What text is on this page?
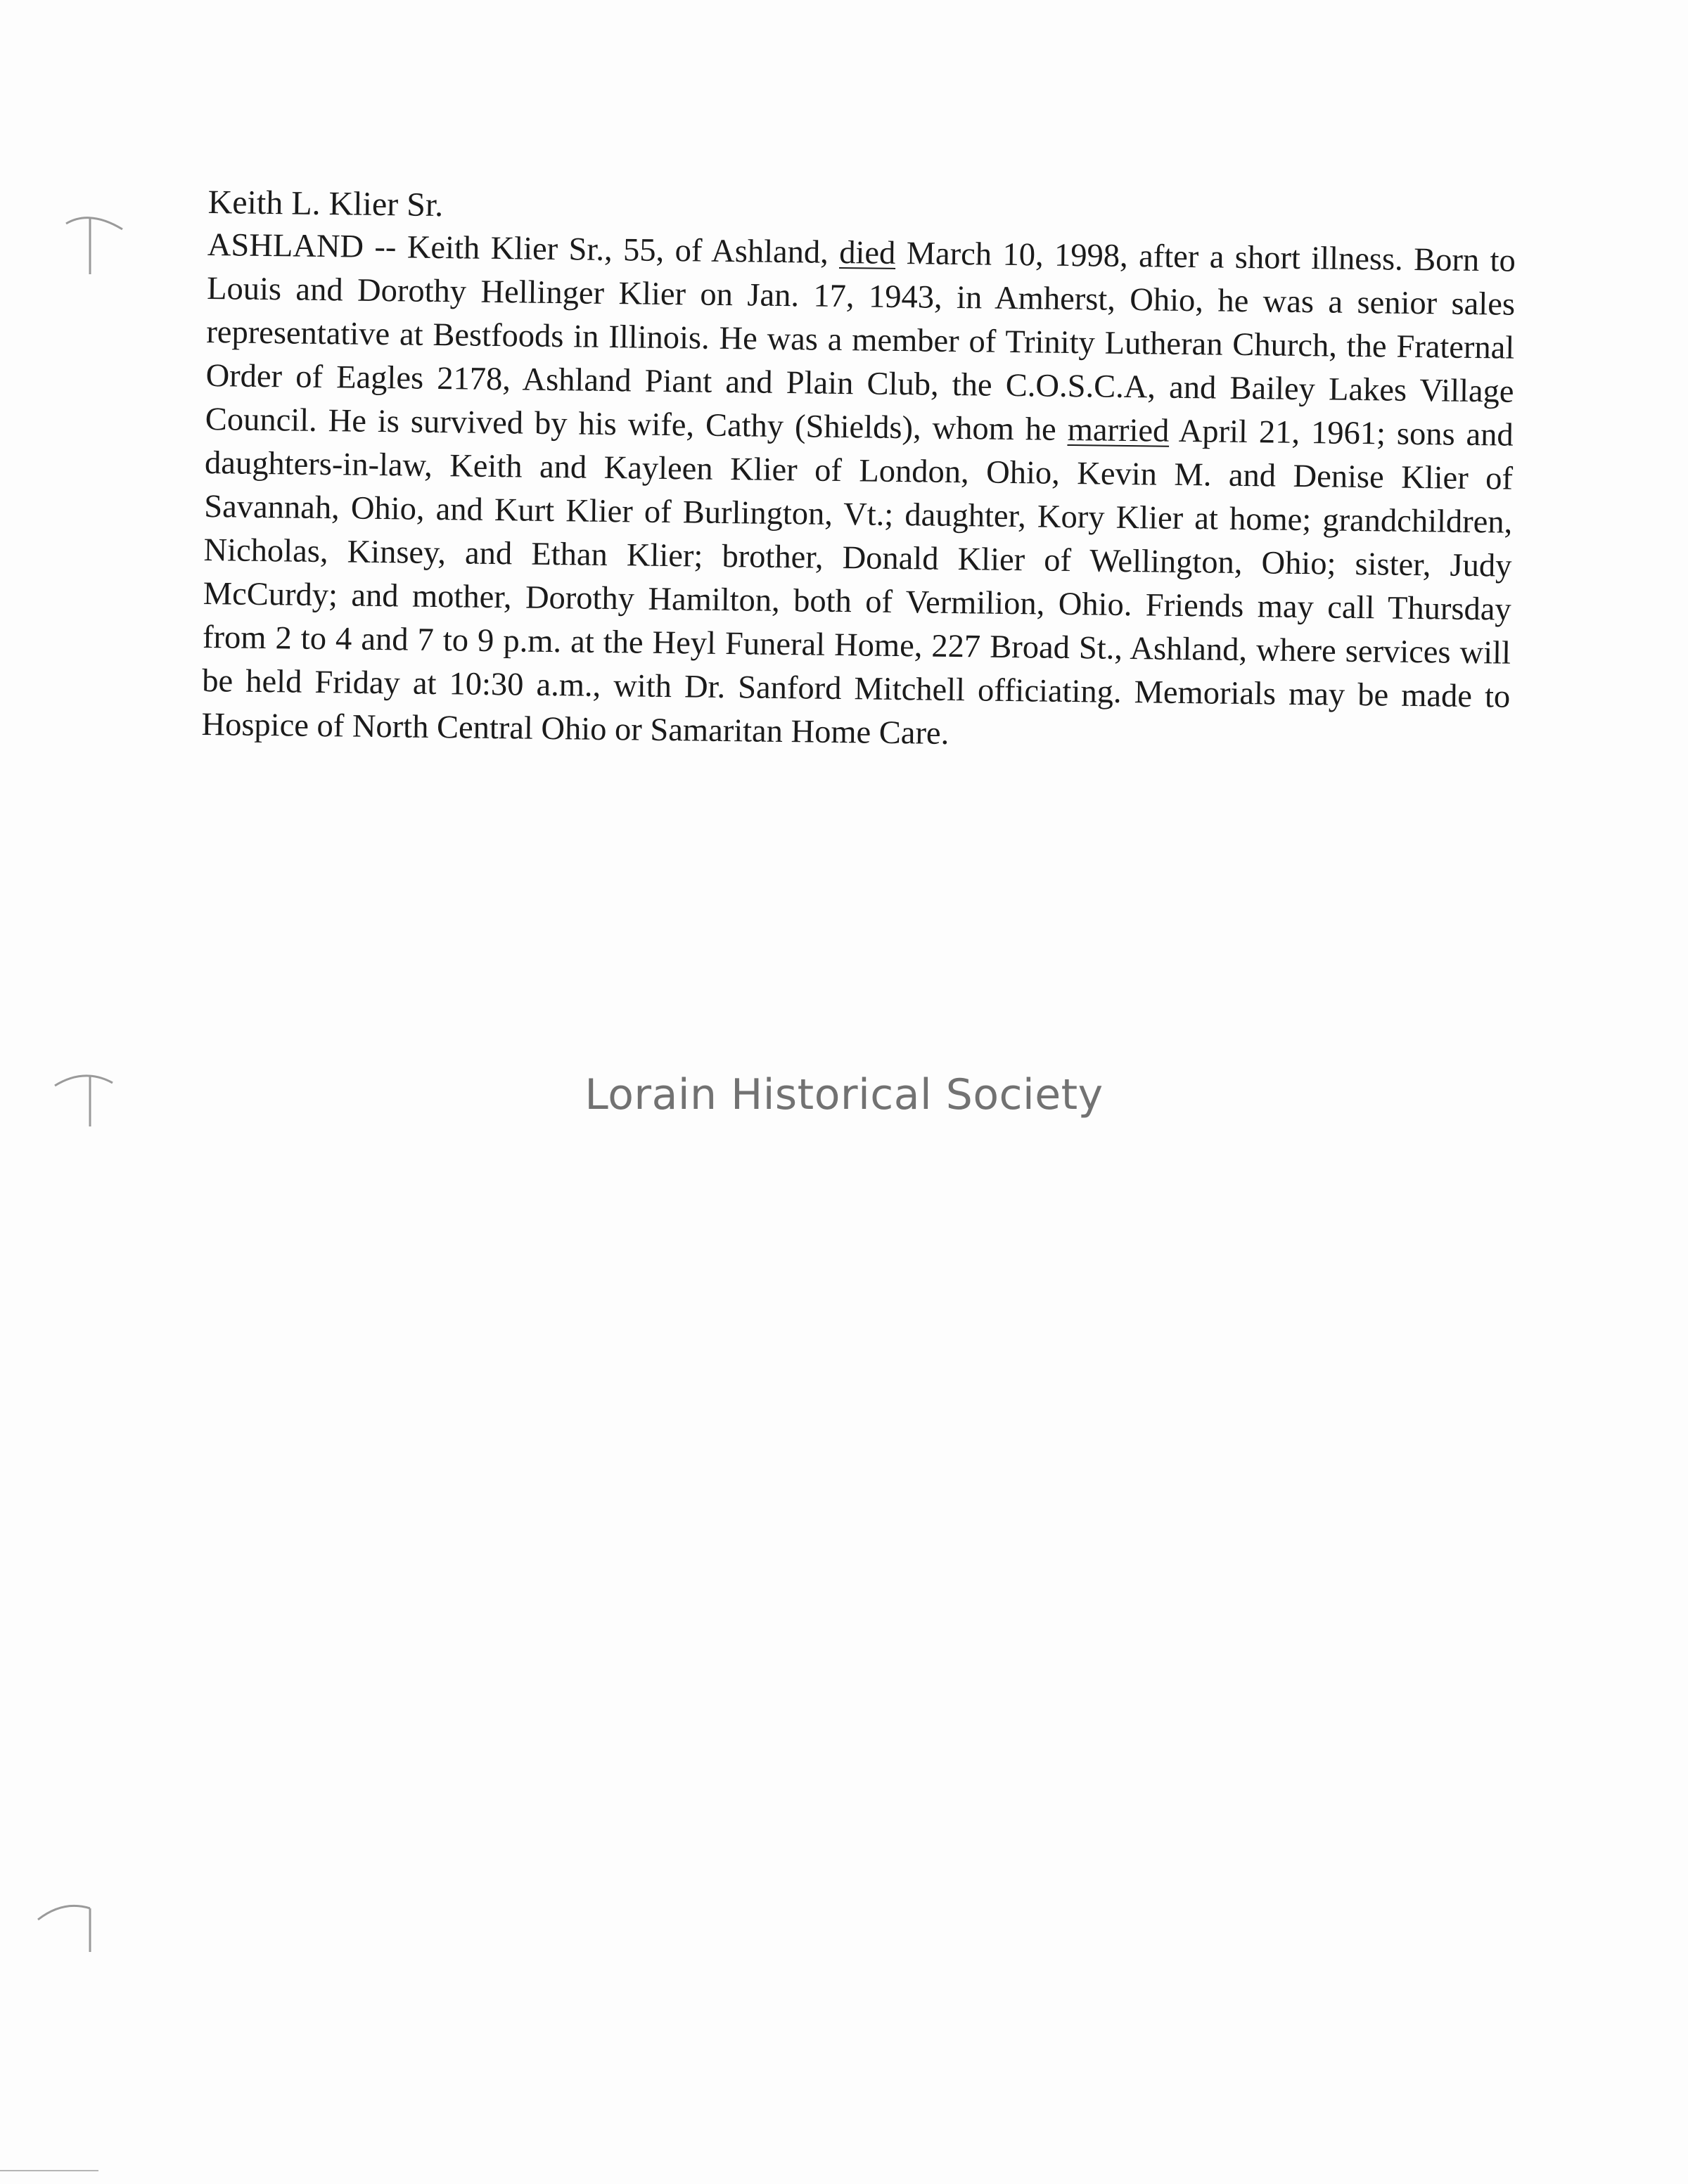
Keith L. Klier Sr.

ASHLAND -- Keith Klier Sr., 55, of Ashland, died March 10, 1998, after a short illness. Born to Louis and Dorothy Hellinger Klier on Jan. 17, 1943, in Amherst, Ohio, he was a senior sales representative at Bestfoods in Illinois. He was a member of Trinity Lutheran Church, the Fraternal Order of Eagles 2178, Ashland Piant and Plain Club, the C.O.S.C.A, and Bailey Lakes Village Council. He is survived by his wife, Cathy (Shields), whom he married April 21, 1961; sons and daughters-in-law, Keith and Kayleen Klier of London, Ohio, Kevin M. and Denise Klier of Savannah, Ohio, and Kurt Klier of Burlington, Vt.; daughter, Kory Klier at home; grandchildren, Nicholas, Kinsey, and Ethan Klier; brother, Donald Klier of Wellington, Ohio; sister, Judy McCurdy; and mother, Dorothy Hamilton, both of Vermilion, Ohio. Friends may call Thursday from 2 to 4 and 7 to 9 p.m. at the Heyl Funeral Home, 227 Broad St., Ashland, where services will be held Friday at 10:30 a.m., with Dr. Sanford Mitchell officiating. Memorials may be made to Hospice of North Central Ohio or Samaritan Home Care.

Lorain Historical Society
